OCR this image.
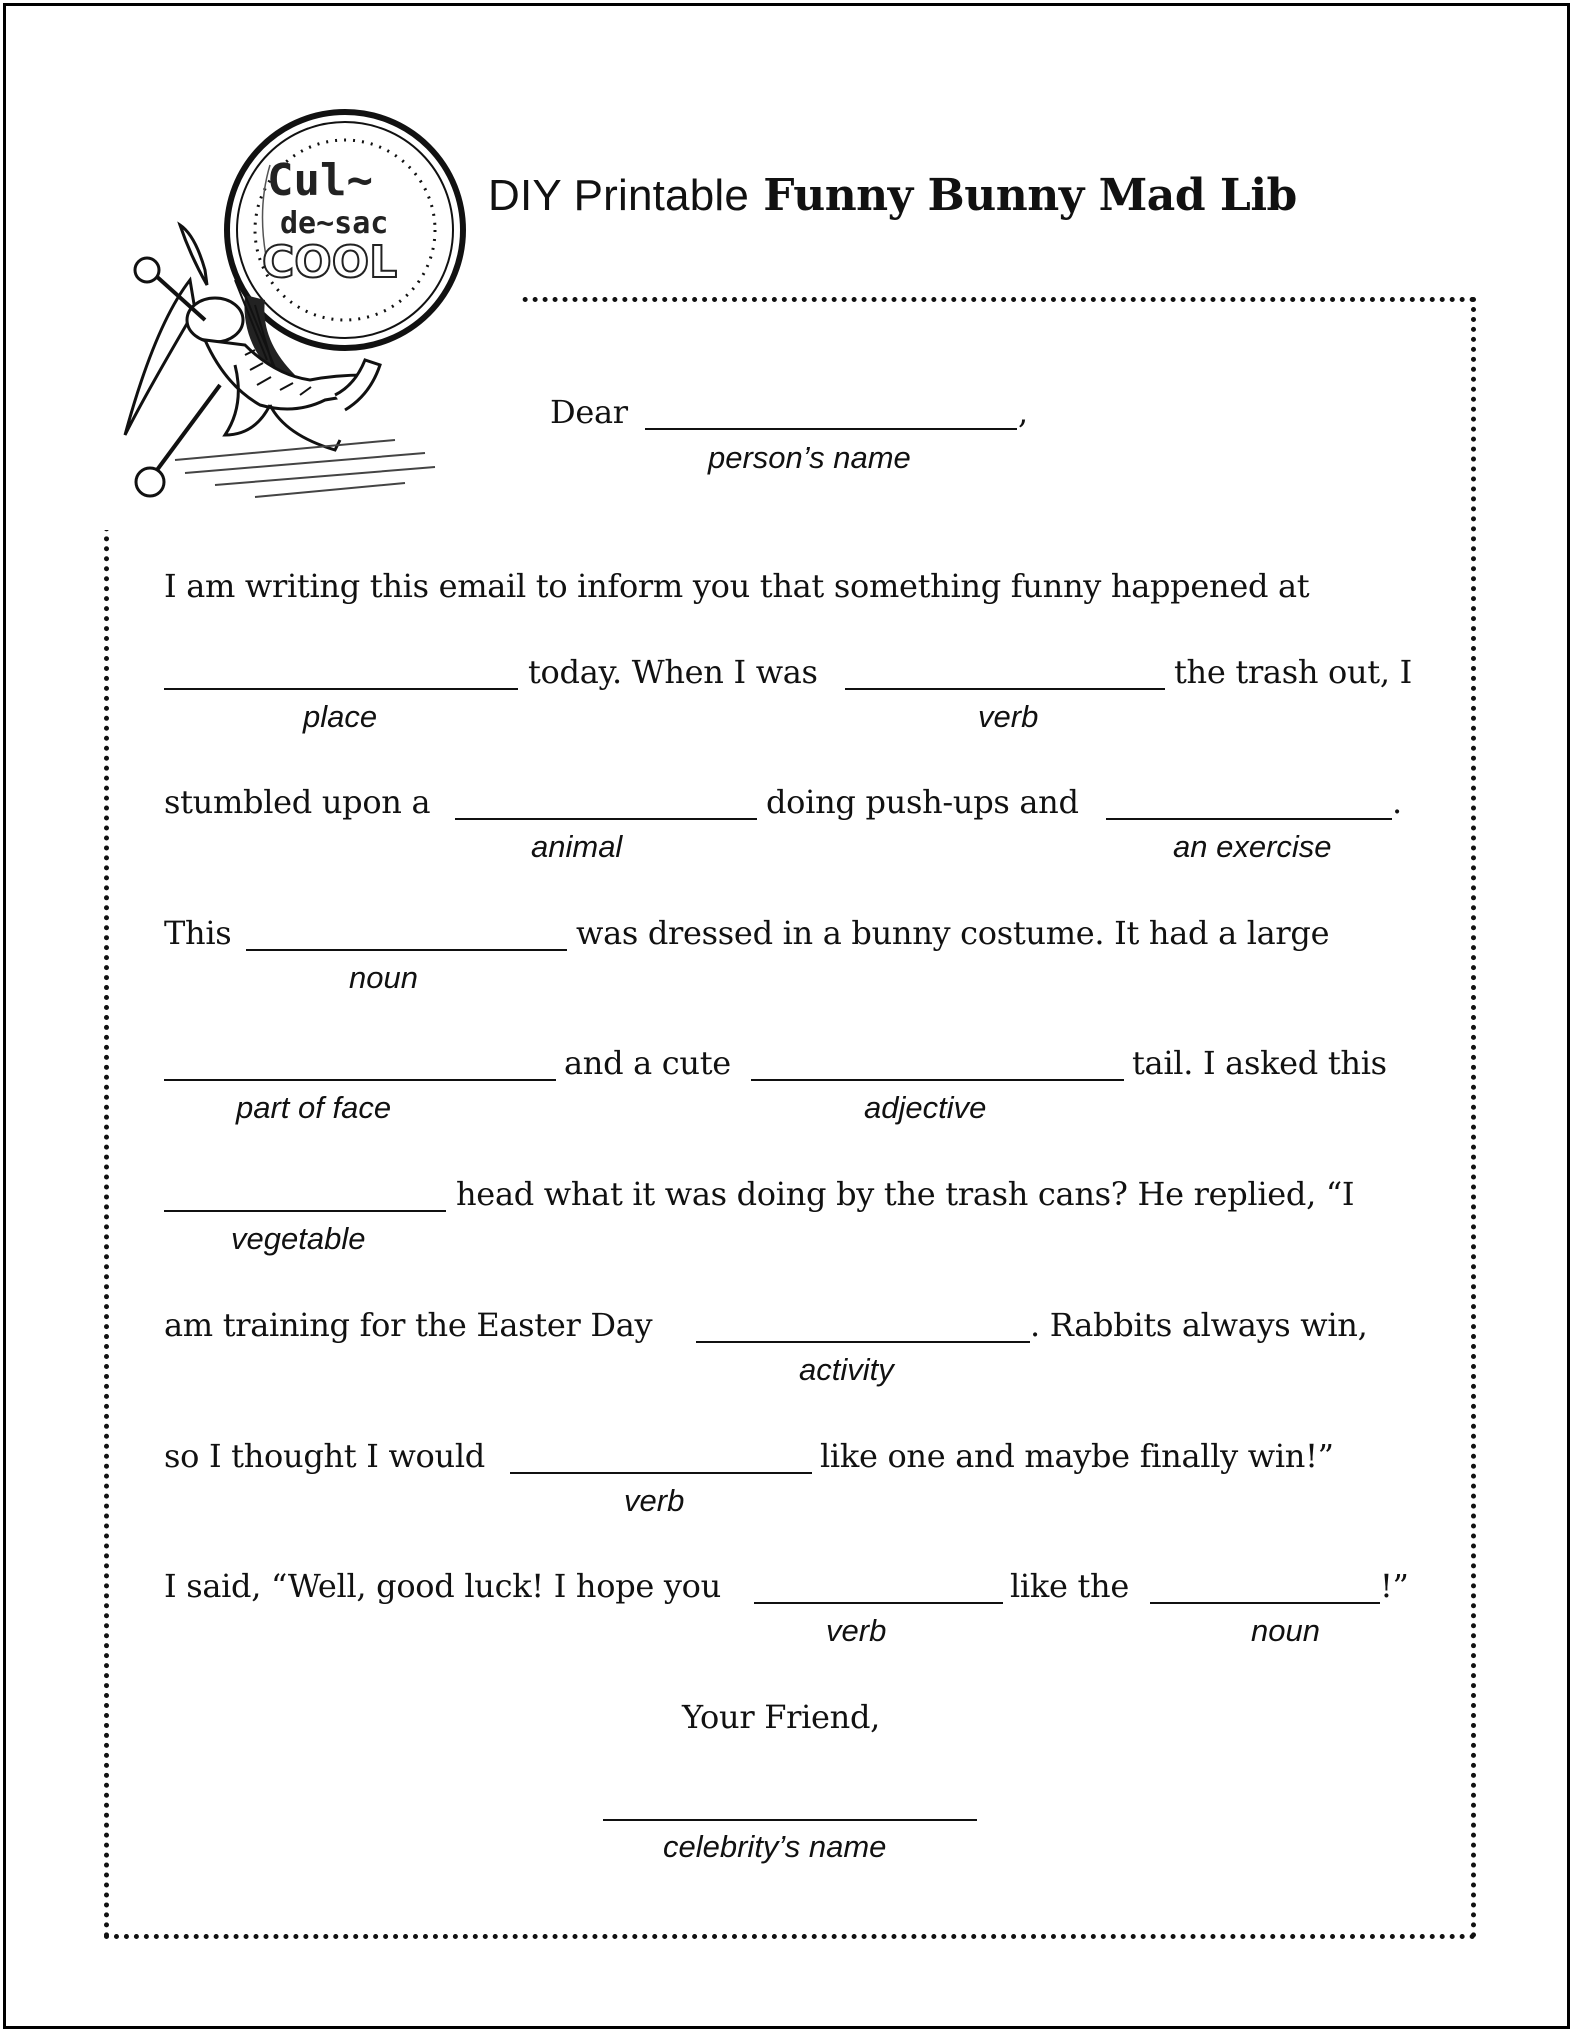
Cul~
de~sac
COOL
DIY Printable Funny Bunny Mad Lib
Dear	,
person’s name
I am writing this email to inform you that something funny happened at
today. When I was	the trash out, I
place	verb
stumbled upon a	doing push-ups and	.
animal	an exercise
This	was dressed in a bunny costume. It had a large
noun
and a cute	tail. I asked this
part of face	adjective
head what it was doing by the trash cans? He replied, “I
vegetable
am training for the Easter Day	. Rabbits always win,
activity
so I thought I would	like one and maybe finally win!”
verb
I said, “Well, good luck! I hope you	like the	!”
verb	noun
Your Friend,
celebrity’s name
